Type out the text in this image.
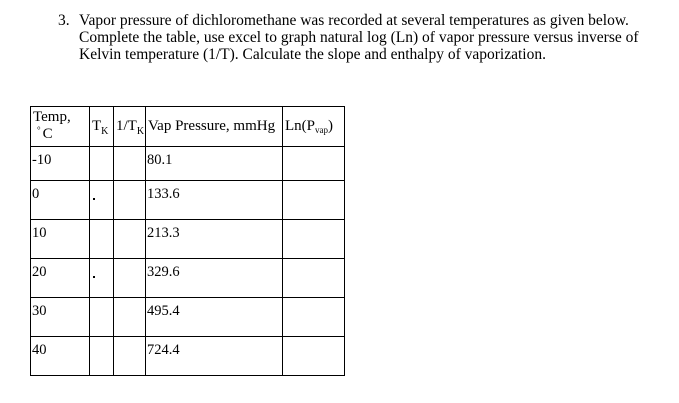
3. Vapor pressure of dichloromethane was recorded at several temperatures as given below.
Complete the table, use excel to graph natural log (Ln) of vapor pressure versus inverse of
Kelvin temperature (1/T). Calculate the slope and enthalpy of vaporization.
Temp,° C	$T_K$	$1/T_K$	Vap Pressure, mmHg	$Ln(P_{vap})$
-10			80.1	
0			133.6	
10			213.3	
20			329.6	
30			495.4	
40			724.4	
